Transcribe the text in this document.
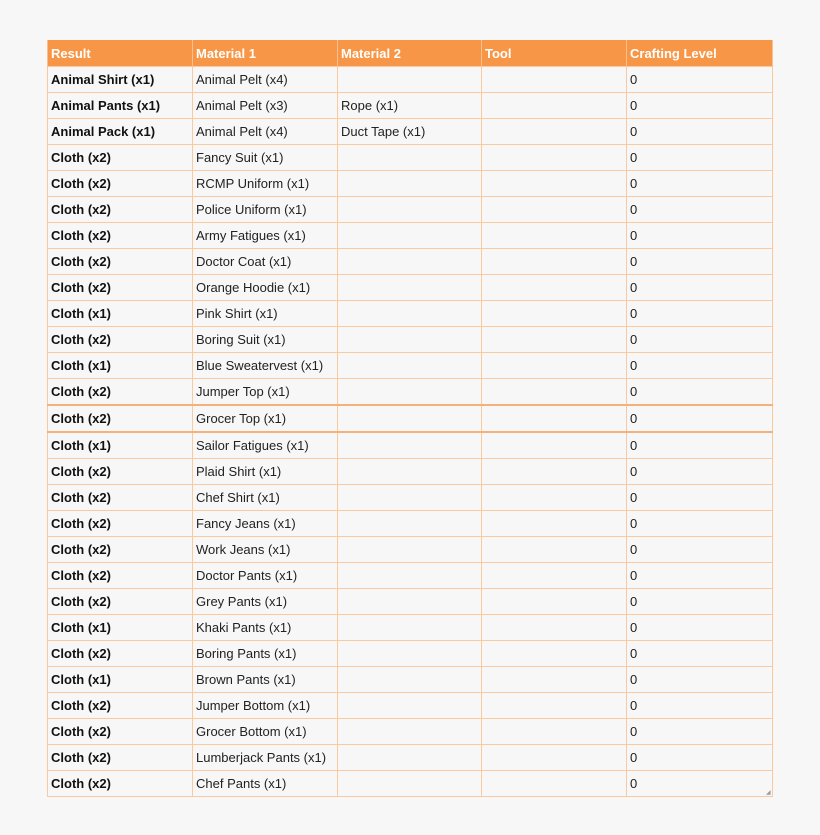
Result	Material 1	Material 2	Tool	Crafting Level
Animal Shirt (x1)	Animal Pelt (x4)			0
Animal Pants (x1)	Animal Pelt (x3)	Rope (x1)		0
Animal Pack (x1)	Animal Pelt (x4)	Duct Tape (x1)		0
Cloth (x2)	Fancy Suit (x1)			0
Cloth (x2)	RCMP Uniform (x1)			0
Cloth (x2)	Police Uniform (x1)			0
Cloth (x2)	Army Fatigues (x1)			0
Cloth (x2)	Doctor Coat (x1)			0
Cloth (x2)	Orange Hoodie (x1)			0
Cloth (x1)	Pink Shirt (x1)			0
Cloth (x2)	Boring Suit (x1)			0
Cloth (x1)	Blue Sweatervest (x1)			0
Cloth (x2)	Jumper Top (x1)			0
Cloth (x2)	Grocer Top (x1)			0
Cloth (x1)	Sailor Fatigues (x1)			0
Cloth (x2)	Plaid Shirt (x1)			0
Cloth (x2)	Chef Shirt (x1)			0
Cloth (x2)	Fancy Jeans (x1)			0
Cloth (x2)	Work Jeans (x1)			0
Cloth (x2)	Doctor Pants (x1)			0
Cloth (x2)	Grey Pants (x1)			0
Cloth (x1)	Khaki Pants (x1)			0
Cloth (x2)	Boring Pants (x1)			0
Cloth (x1)	Brown Pants (x1)			0
Cloth (x2)	Jumper Bottom (x1)			0
Cloth (x2)	Grocer Bottom (x1)			0
Cloth (x2)	Lumberjack Pants (x1)			0
Cloth (x2)	Chef Pants (x1)			0
◢
